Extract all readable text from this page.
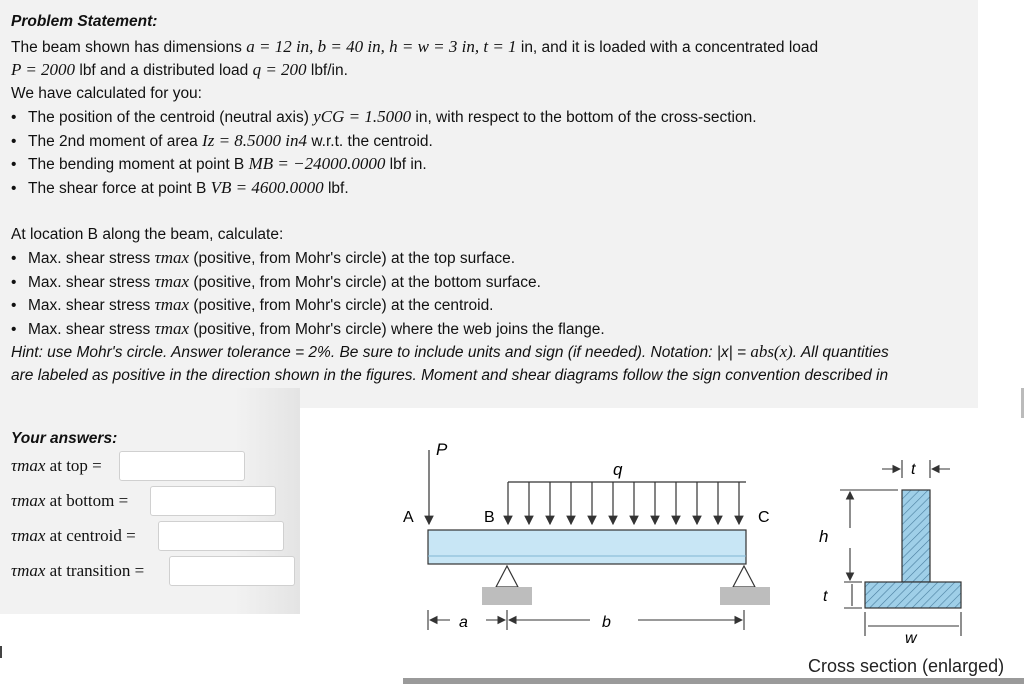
Problem Statement:
The beam shown has dimensions a = 12 in, b = 40 in, h = w = 3 in, t = 1 in, and it is loaded with a concentrated load
P = 2000 lbf and a distributed load q = 200 lbf/in.
We have calculated for you:
• The position of the centroid (neutral axis) yCG = 1.5000 in, with respect to the bottom of the cross-section.
• The 2nd moment of area Iz = 8.5000 in4 w.r.t. the centroid.
• The bending moment at point B MB = −24000.0000 lbf in.
• The shear force at point B VB = 4600.0000 lbf.
At location B along the beam, calculate:
• Max. shear stress τmax (positive, from Mohr's circle) at the top surface.
• Max. shear stress τmax (positive, from Mohr's circle) at the bottom surface.
• Max. shear stress τmax (positive, from Mohr's circle) at the centroid.
• Max. shear stress τmax (positive, from Mohr's circle) where the web joins the flange.
Hint: use Mohr's circle. Answer tolerance = 2%. Be sure to include units and sign (if needed). Notation: |x| = abs(x). All quantities
are labeled as positive in the direction shown in the figures. Moment and shear diagrams follow the sign convention described in
Your answers:
τmax at top =
τmax at bottom =
τmax at centroid =
τmax at transition =
P
q
A	B	C
a	b
t
h
t
w
Cross section (enlarged)
